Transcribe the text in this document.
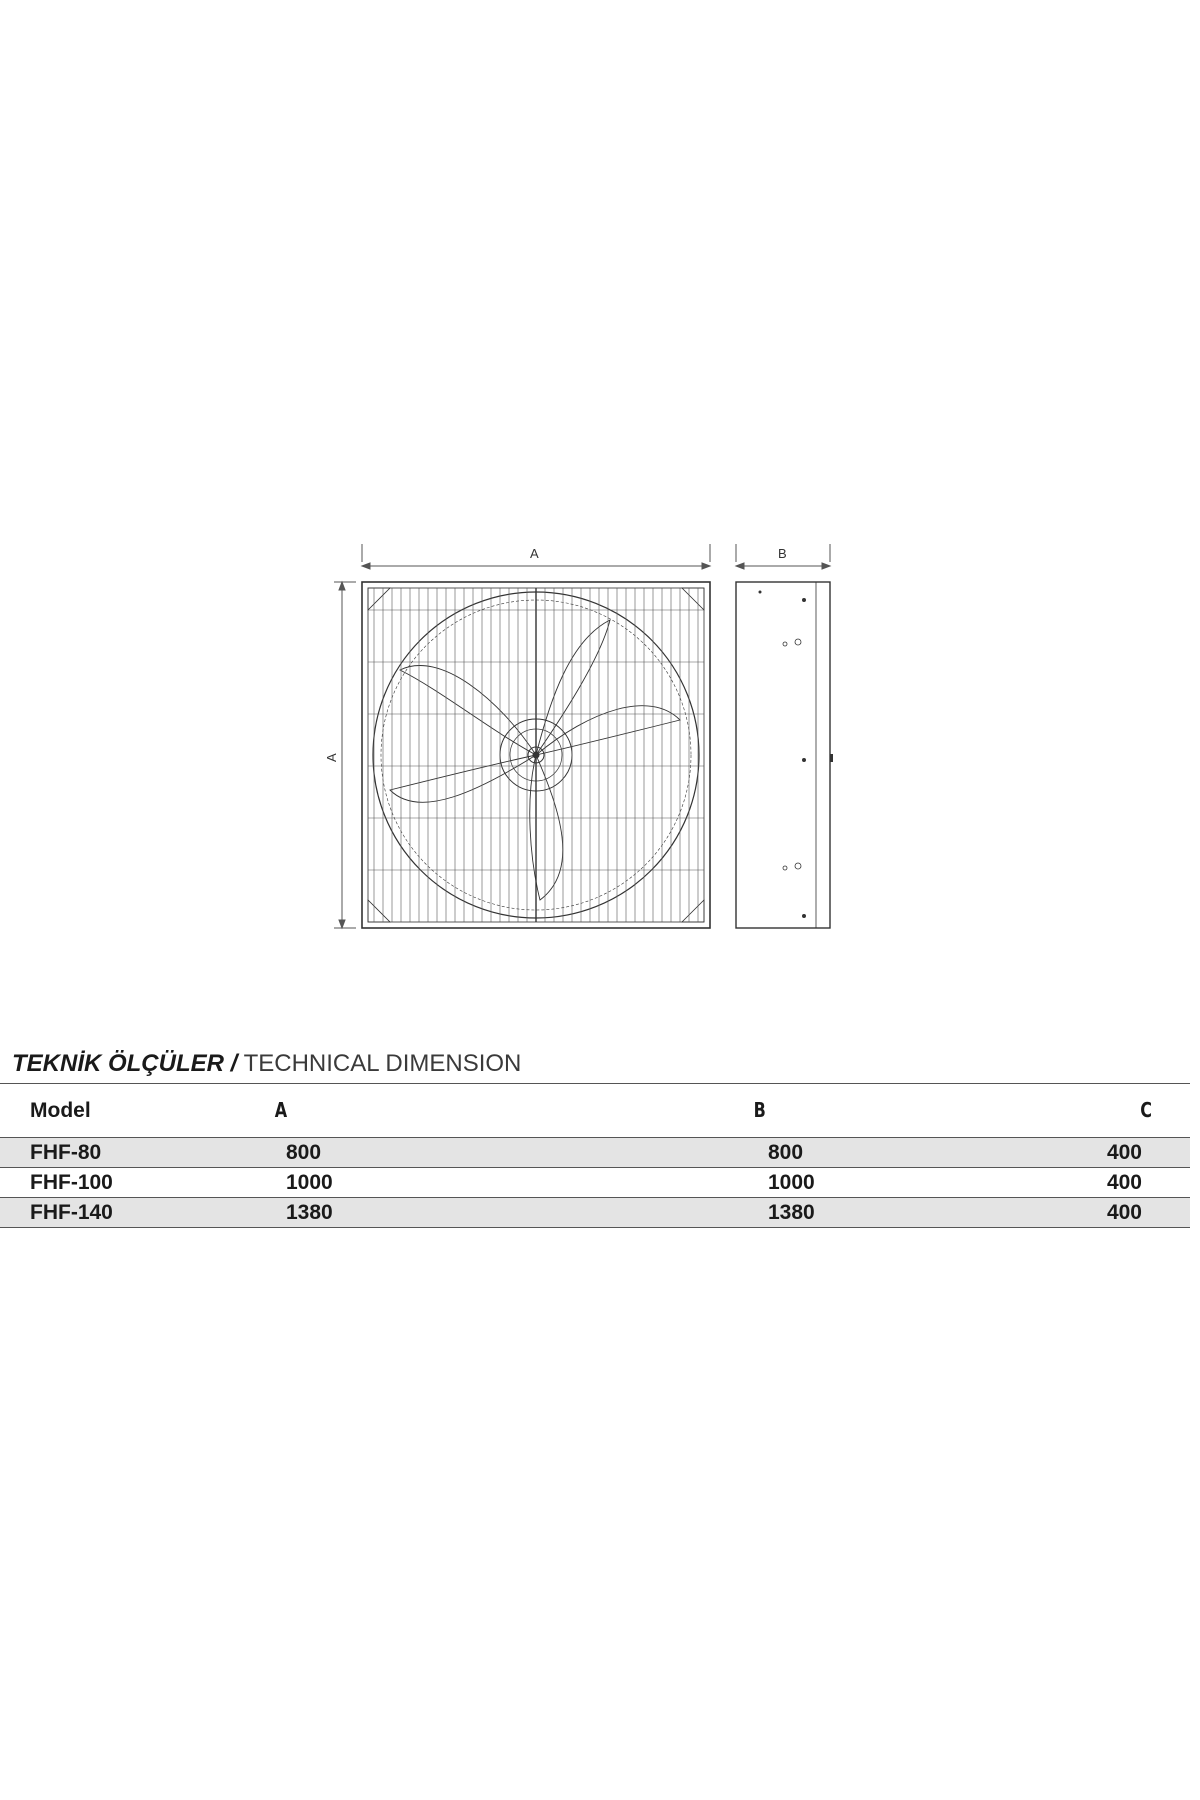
A
A
B
TEKNİK ÖLÇÜLER / TECHNICAL DIMENSION
Model	A	B	C
FHF-80	800	800	400
FHF-100	1000	1000	400
FHF-140	1380	1380	400
